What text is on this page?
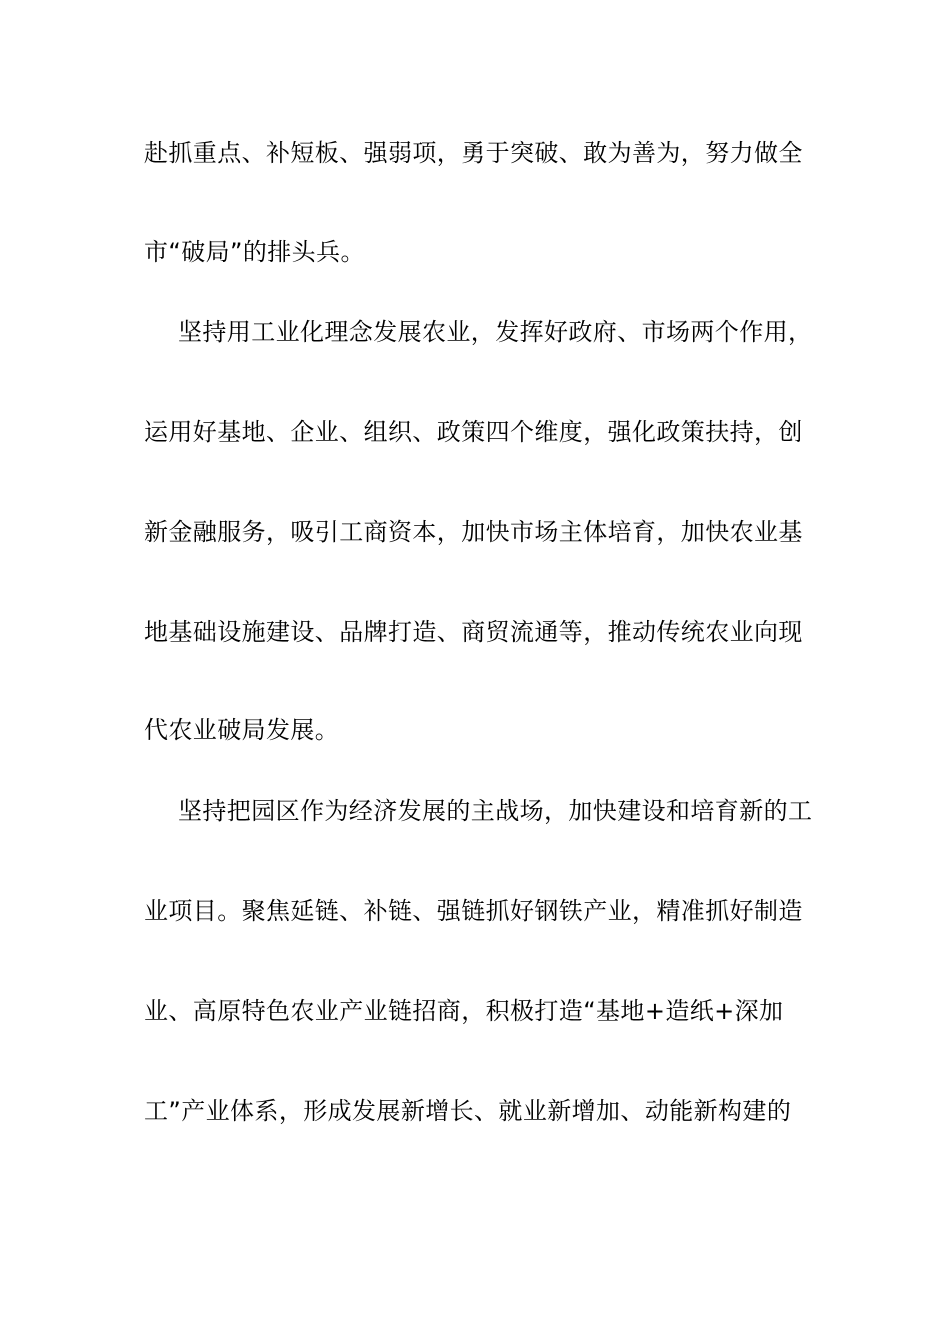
赴抓重点、补短板、强弱项，勇于突破、敢为善为，努力做全
市“破局”的排头兵。
坚持用工业化理念发展农业，发挥好政府、市场两个作用，
运用好基地、企业、组织、政策四个维度，强化政策扶持，创
新金融服务，吸引工商资本，加快市场主体培育，加快农业基
地基础设施建设、品牌打造、商贸流通等，推动传统农业向现
代农业破局发展。
坚持把园区作为经济发展的主战场，加快建设和培育新的工
业项目。聚焦延链、补链、强链抓好钢铁产业，精准抓好制造
业、高原特色农业产业链招商，积极打造“基地+造纸+深加
工”产业体系，形成发展新增长、就业新增加、动能新构建的
